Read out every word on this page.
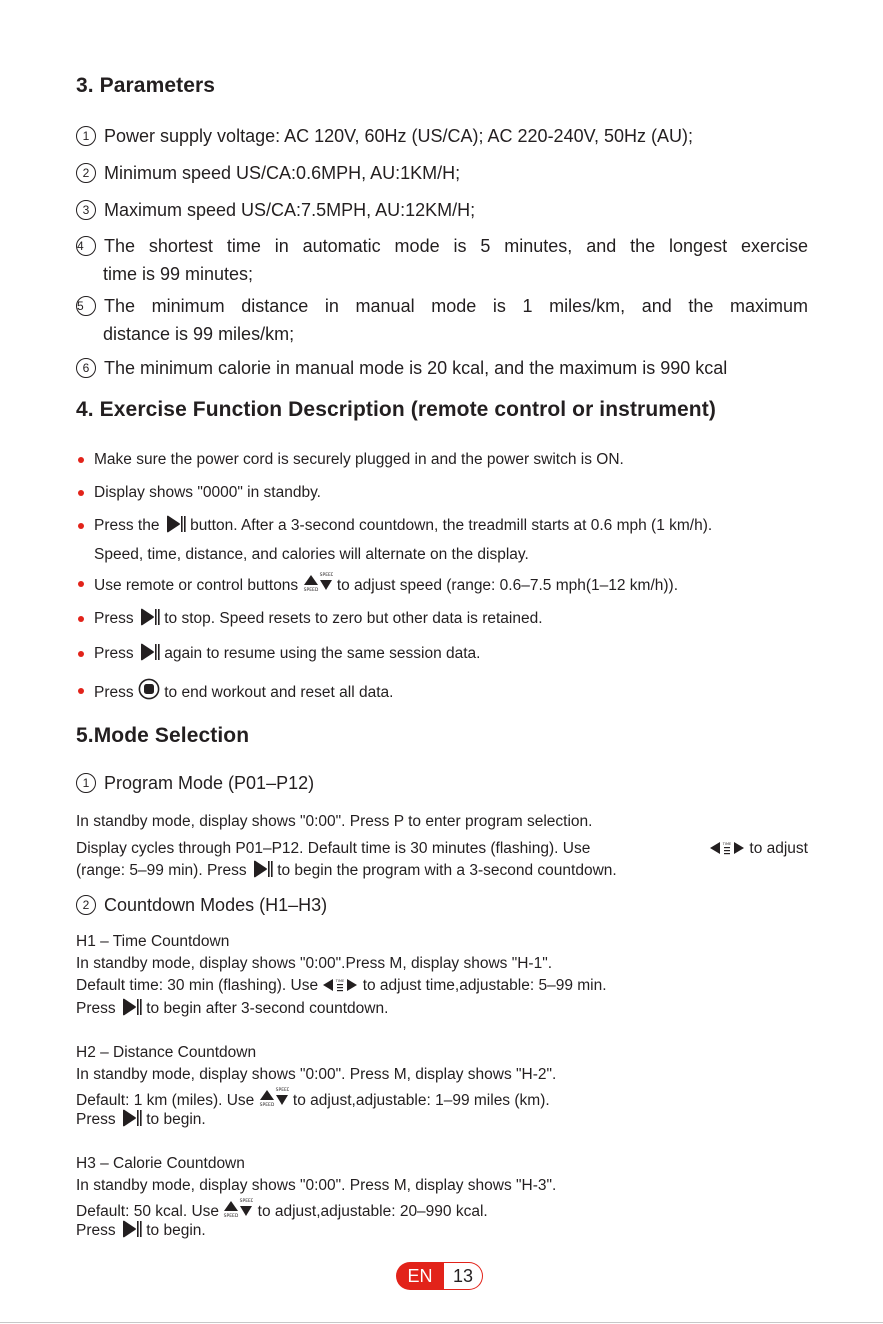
3. Parameters
1 Power supply voltage: AC 120V, 60Hz (US/CA); AC 220-240V, 50Hz (AU);
2 Minimum speed US/CA:0.6MPH, AU:1KM/H;
3 Maximum speed US/CA:7.5MPH, AU:12KM/H;
4 The shortest time in automatic mode is 5 minutes, and the longest exercise
time is 99 minutes;
5 The minimum distance in manual mode is 1 miles/km, and the maximum
distance is 99 miles/km;
6 The minimum calorie in manual mode is 20 kcal, and the maximum is 990 kcal
4. Exercise Function Description (remote control or instrument)
Make sure the power cord is securely plugged in and the power switch is ON.
Display shows "0000" in standby.
Press the button. After a 3-second countdown, the treadmill starts at 0.6 mph (1 km/h).
Speed, time, distance, and calories will alternate on the display.
Use remote or control buttons
SPEED
SPEED to adjust speed (range: 0.6–7.5 mph(1–12 km/h)).
Press to stop. Speed resets to zero but other data is retained.
Press again to resume using the same session data.
Press to end workout and reset all data.
5.Mode Selection
1 Program Mode (P01–P12)
In standby mode, display shows "0:00". Press P to enter program selection.
Display cycles through P01–P12. Default time is 30 minutes (flashing). Use	TIME to adjust
(range: 5–99 min). Press to begin the program with a 3-second countdown.
2 Countdown Modes (H1–H3)
H1 – Time Countdown
In standby mode, display shows "0:00".Press M, display shows "H-1".
Default time: 30 min (flashing). Use	TIME to adjust time,adjustable: 5–99 min.
Press to begin after 3-second countdown.
H2 – Distance Countdown
In standby mode, display shows "0:00". Press M, display shows "H-2".
Default: 1 km (miles). Use
SPEED
SPEED to adjust,adjustable: 1–99 miles (km).
Press to begin.
H3 – Calorie Countdown
In standby mode, display shows "0:00". Press M, display shows "H-3".
Default: 50 kcal. Use
SPEED
SPEED to adjust,adjustable: 20–990 kcal.
Press to begin.
EN	13
